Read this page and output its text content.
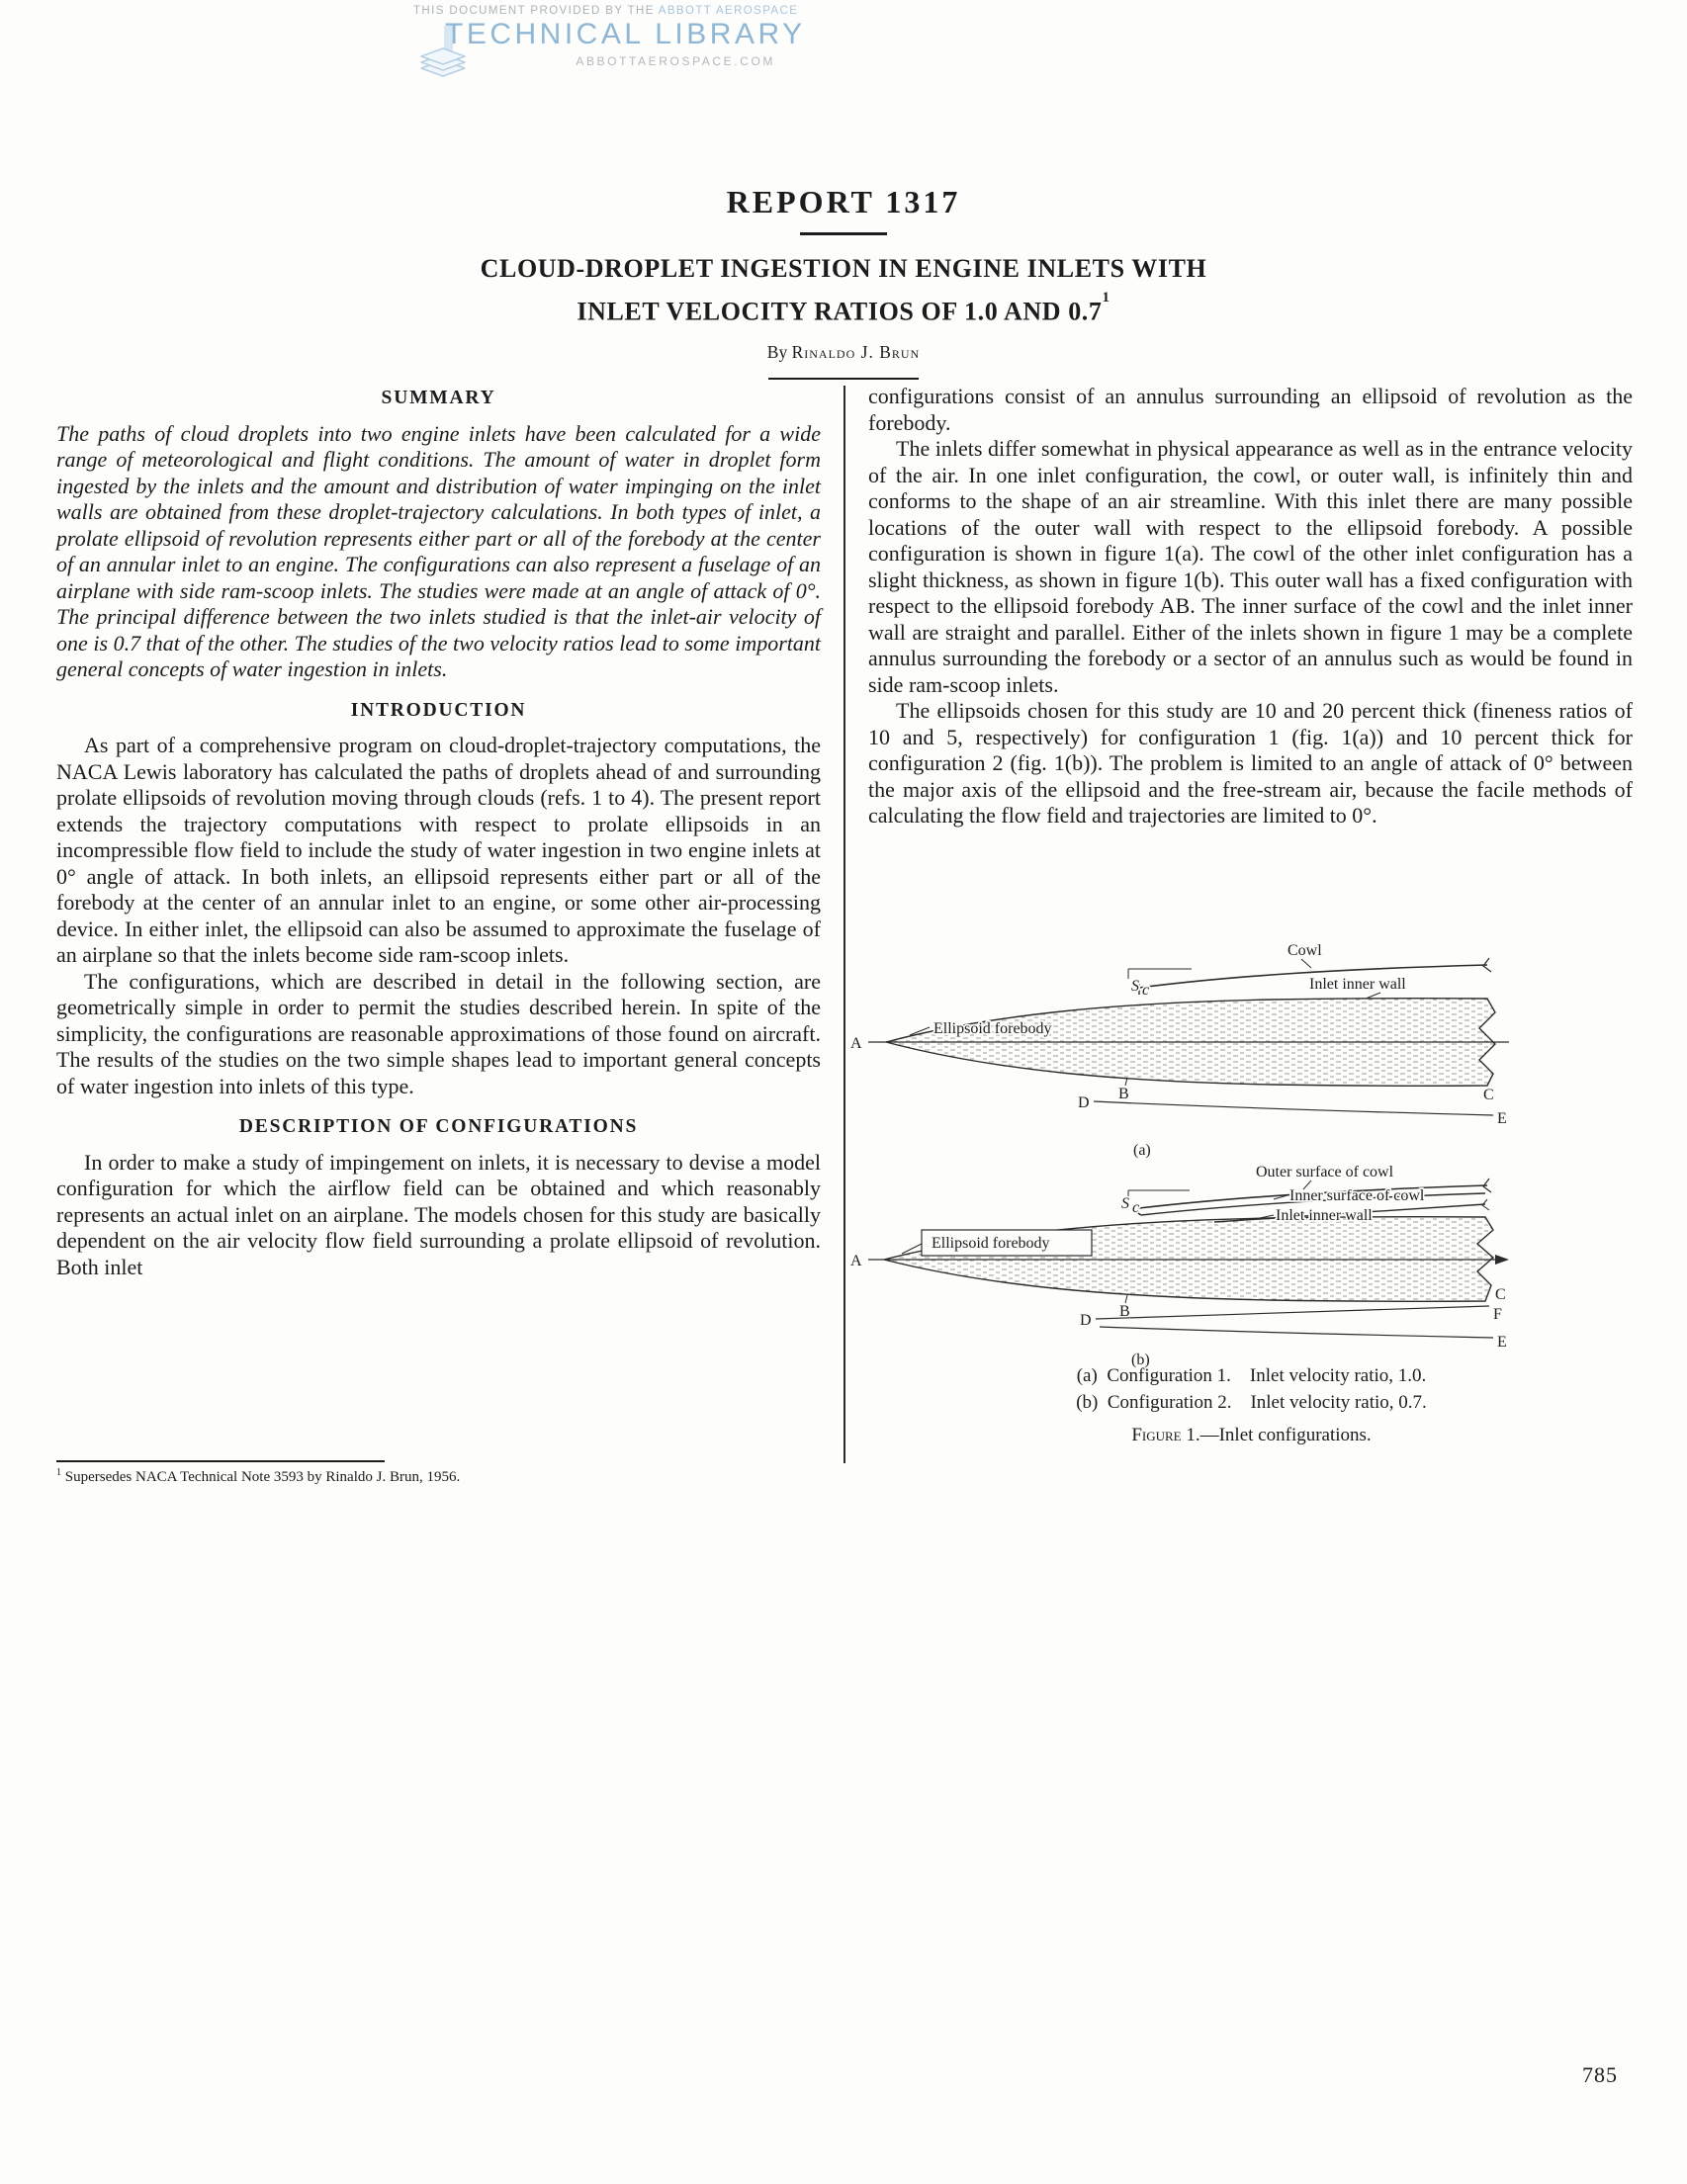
THIS DOCUMENT PROVIDED BY THE ABBOTT AEROSPACE
TECHNICAL LIBRARY
ABBOTTAEROSPACE.COM
REPORT 1317
CLOUD-DROPLET INGESTION IN ENGINE INLETS WITH
INLET VELOCITY RATIOS OF 1.0 AND $0.7^1$
By Rinaldo J. Brun
SUMMARY

The paths of cloud droplets into two engine inlets have been calculated for a wide range of meteorological and flight conditions. The amount of water in droplet form ingested by the inlets and the amount and distribution of water impinging on the inlet walls are obtained from these droplet-trajectory calculations. In both types of inlet, a prolate ellipsoid of revolution represents either part or all of the forebody at the center of an annular inlet to an engine. The configurations can also represent a fuselage of an airplane with side ram-scoop inlets. The studies were made at an angle of attack of 0°. The principal difference between the two inlets studied is that the inlet-air velocity of one is 0.7 that of the other. The studies of the two velocity ratios lead to some important general concepts of water ingestion in inlets.

INTRODUCTION

As part of a comprehensive program on cloud-droplet-trajectory computations, the NACA Lewis laboratory has calculated the paths of droplets ahead of and surrounding prolate ellipsoids of revolution moving through clouds (refs. 1 to 4). The present report extends the trajectory computations with respect to prolate ellipsoids in an incompressible flow field to include the study of water ingestion in two engine inlets at 0° angle of attack. In both inlets, an ellipsoid represents either part or all of the forebody at the center of an annular inlet to an engine, or some other air-processing device. In either inlet, the ellipsoid can also be assumed to approximate the fuselage of an airplane so that the inlets become side ram-scoop inlets.

The configurations, which are described in detail in the following section, are geometrically simple in order to permit the studies described herein. In spite of the simplicity, the configurations are reasonable approximations of those found on aircraft. The results of the studies on the two simple shapes lead to important general concepts of water ingestion into inlets of this type.

DESCRIPTION OF CONFIGURATIONS

In order to make a study of impingement on inlets, it is necessary to devise a model configuration for which the airflow field can be obtained and which reasonably represents an actual inlet on an airplane. The models chosen for this study are basically dependent on the air velocity flow field surrounding a prolate ellipsoid of revolution. Both inlet

configurations consist of an annulus surrounding an ellipsoid of revolution as the forebody.

The inlets differ somewhat in physical appearance as well as in the entrance velocity of the air. In one inlet configuration, the cowl, or outer wall, is infinitely thin and conforms to the shape of an air streamline. With this inlet there are many possible locations of the outer wall with respect to the ellipsoid forebody. A possible configuration is shown in figure 1(a). The cowl of the other inlet configuration has a slight thickness, as shown in figure 1(b). This outer wall has a fixed configuration with respect to the ellipsoid forebody AB. The inner surface of the cowl and the inlet inner wall are straight and parallel. Either of the inlets shown in figure 1 may be a complete annulus surrounding the forebody or a sector of an annulus such as would be found in side ram-scoop inlets.

The ellipsoids chosen for this study are 10 and 20 percent thick (fineness ratios of 10 and 5, respectively) for configuration 1 (fig. 1(a)) and 10 percent thick for configuration 2 (fig. 1(b)). The problem is limited to an angle of attack of 0° between the major axis of the ellipsoid and the free-stream air, because the facile methods of calculating the flow field and trajectories are limited to 0°.

S c
Cowl
Inlet inner wall
Ellipsoid forebody
A
B
D	C
E
(a)
S c
Outer surface of cowl
Inner surface of cowl
Inlet inner wall
Ellipsoid forebody
A
B
D
C
F
E
(b)
(a) Configuration 1. Inlet velocity ratio, 1.0.
(b) Configuration 2. Inlet velocity ratio, 0.7.
Figure 1.—Inlet configurations.

$^1$ Supersedes NACA Technical Note 3593 by Rinaldo J. Brun, 1956.

785
